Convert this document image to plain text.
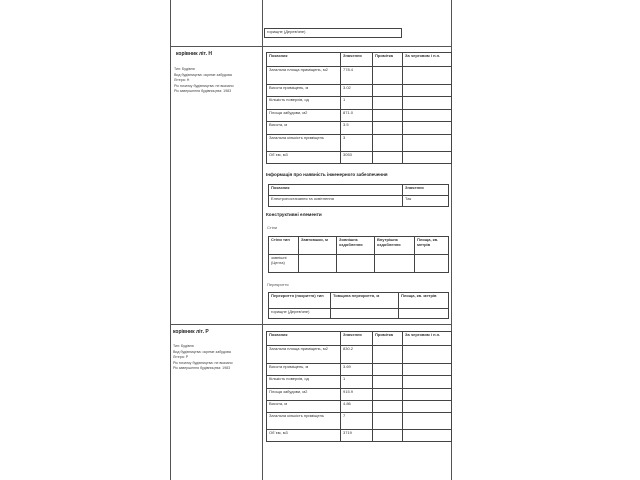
горищне (Дерев'яне)
корівник літ. Н
Тип: Будівля
Вид будівництва: окреме забудова
Літера: Н
Рік початку будівництва: не вказано
Рік завершення будівництва: 1983
Показник	Значення	Примітка	За черговим і п.н.
Загальна площа приміщень, м2	778.4		
Висота приміщень, м	3.02		
Кількість поверхів, од	1		
Площа забудови, м2	871.0		
Висота, м	3.5		
Загальна кількість приміщень	3		
Об`єм, м3	3053		
Інформація про наявність інженерного забезпечення
Показник	Значення
Електропостачання та освітлення	Так
Конструктивні елементи
Стіни
Стіни тип	Завтовшки, м	Зовнішнє оздоблення	Внутрішнє оздоблення	Площа, кв. метрів
зовнішні (Цегла)				
Перекриття
Перекриття (покриття) тип	Товщина перекриття, м	Площа, кв. метрів
горищне (Дерев'яне)		
корівник літ. Р
Тип: Будівля
Вид будівництва: окреме забудова
Літера: Р
Рік початку будівництва: не вказано
Рік завершення будівництва: 1983
Показник	Значення	Примітка	За черговим і п.н.
Загальна площа приміщень, м2	830.2		
Висота приміщень, м	3.69		
Кількість поверхів, од	1		
Площа забудови, м2	915.9		
Висота, м	4.86		
Загальна кількість приміщень	7		
Об`єм, м3	3719		
